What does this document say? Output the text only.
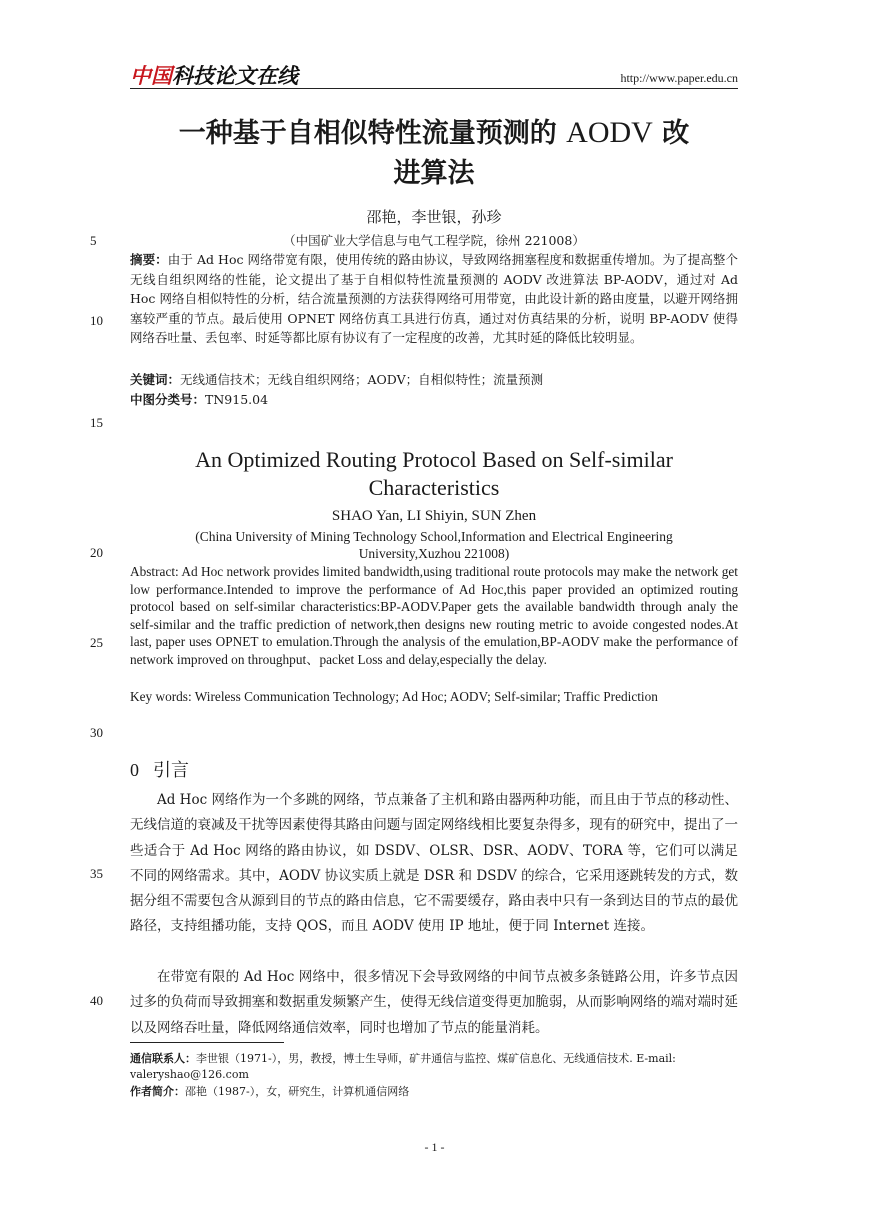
中国科技论文在线	http://www.paper.edu.cn
一种基于自相似特性流量预测的 AODV 改
进算法
邵艳，李世银，孙珍
（中国矿业大学信息与电气工程学院，徐州 221008）
5
10
15
20
25
30
35
40
摘要：由于 Ad Hoc 网络带宽有限，使用传统的路由协议，导致网络拥塞程度和数据重传增加。为了提高整个无线自组织网络的性能，论文提出了基于自相似特性流量预测的 AODV 改进算法 BP-AODV，通过对 Ad Hoc 网络自相似特性的分析，结合流量预测的方法获得网络可用带宽，由此设计新的路由度量，以避开网络拥塞较严重的节点。最后使用 OPNET 网络仿真工具进行仿真，通过对仿真结果的分析，说明 BP-AODV 使得网络吞吐量、丢包率、时延等都比原有协议有了一定程度的改善，尤其时延的降低比较明显。
关键词：无线通信技术；无线自组织网络；AODV；自相似特性；流量预测
中图分类号：TN915.04
An Optimized Routing Protocol Based on Self-similar
Characteristics
SHAO Yan, LI Shiyin, SUN Zhen
(China University of Mining Technology School,Information and Electrical Engineering
University,Xuzhou 221008)
Abstract: Ad Hoc network provides limited bandwidth,using traditional route protocols may make the network get low performance.Intended to improve the performance of Ad Hoc,this paper provided an optimized routing protocol based on self-similar characteristics:BP-AODV.Paper gets the available bandwidth through analy the self-similar and the traffic prediction of network,then designs new routing metric to avoide congested nodes.At last, paper uses OPNET to emulation.Through the analysis of the emulation,BP-AODV make the performance of network improved on throughput、packet Loss and delay,especially the delay.
Key words: Wireless Communication Technology; Ad Hoc; AODV; Self-similar; Traffic Prediction
0 引言
Ad Hoc 网络作为一个多跳的网络，节点兼备了主机和路由器两种功能，而且由于节点的移动性、无线信道的衰减及干扰等因素使得其路由问题与固定网络线相比要复杂得多，现有的研究中，提出了一些适合于 Ad Hoc 网络的路由协议，如 DSDV、OLSR、DSR、AODV、TORA 等，它们可以满足不同的网络需求。其中，AODV 协议实质上就是 DSR 和 DSDV 的综合，它采用逐跳转发的方式，数据分组不需要包含从源到目的节点的路由信息，它不需要缓存，路由表中只有一条到达目的节点的最优路径，支持组播功能，支持 QOS，而且 AODV 使用 IP 地址，便于同 Internet 连接。
在带宽有限的 Ad Hoc 网络中，很多情况下会导致网络的中间节点被多条链路公用，许多节点因过多的负荷而导致拥塞和数据重发频繁产生，使得无线信道变得更加脆弱，从而影响网络的端对端时延以及网络吞吐量，降低网络通信效率，同时也增加了节点的能量消耗。
通信联系人：李世银（1971-），男，教授，博士生导师，矿井通信与监控、煤矿信息化、无线通信技术. E-mail: valeryshao@126.com
作者简介：邵艳（1987-），女，研究生，计算机通信网络
- 1 -
